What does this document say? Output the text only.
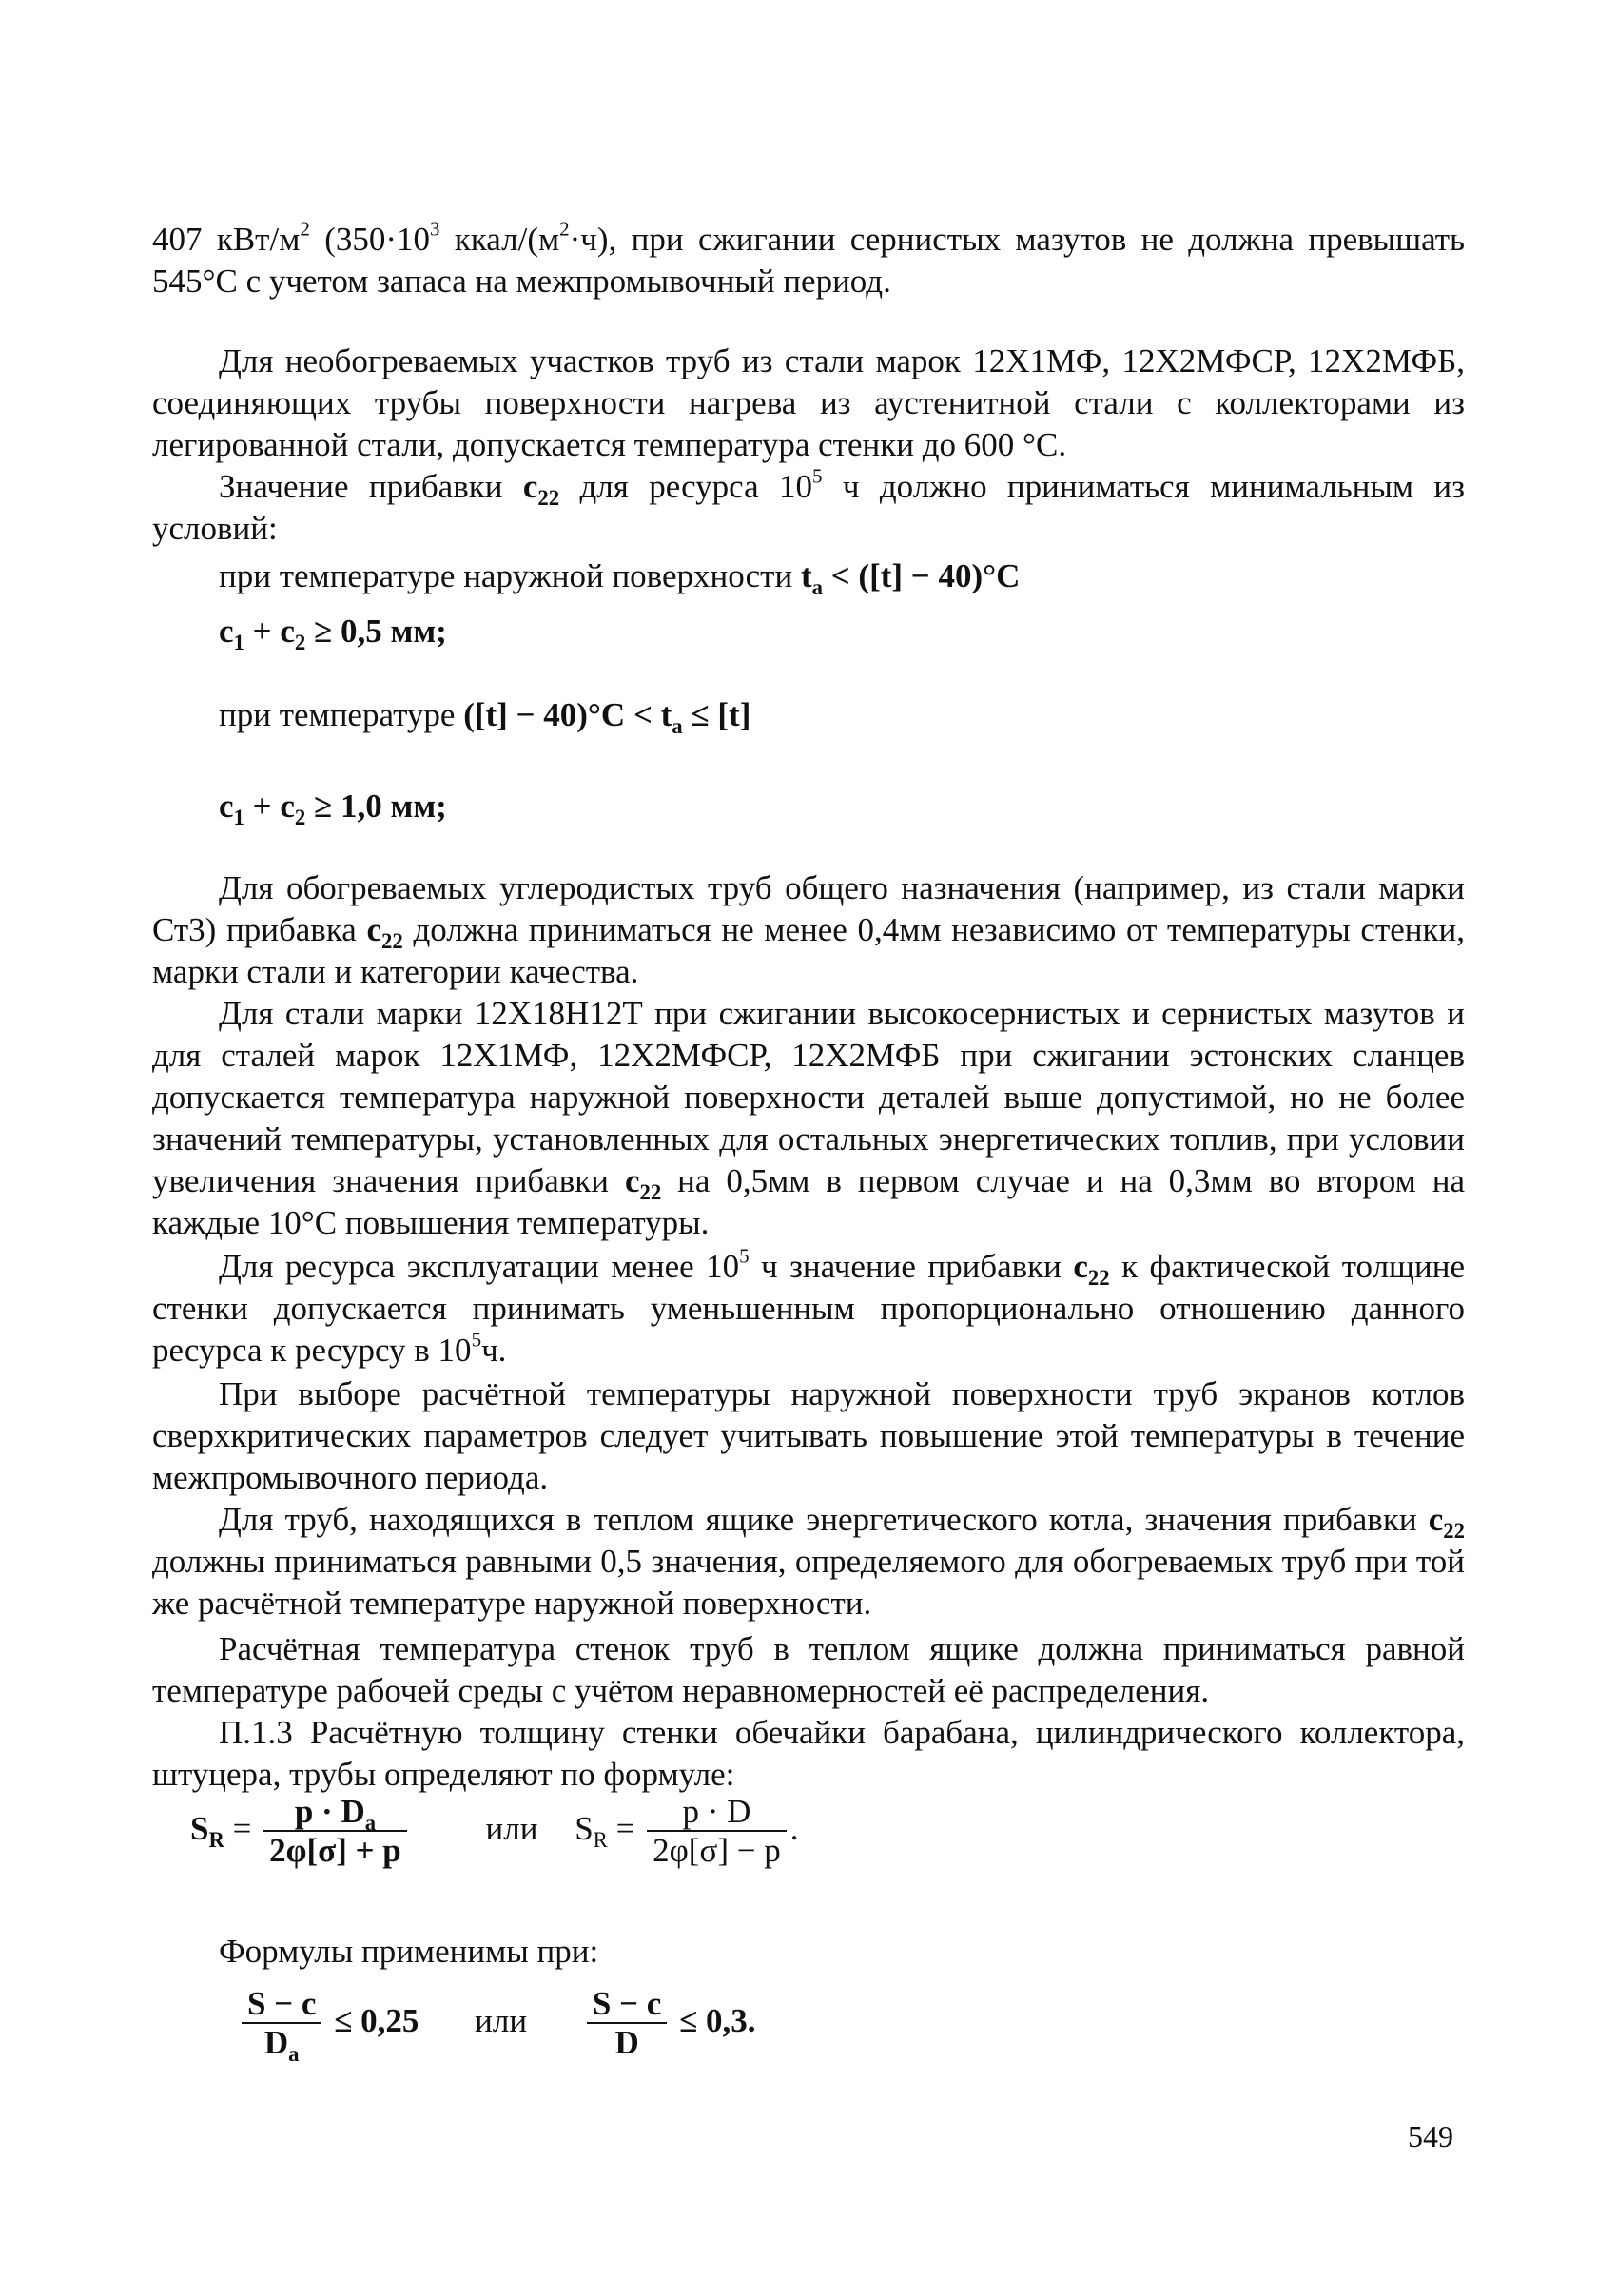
407 кВт/$м^2$ ($350\cdot 10^3$ ккал/$(м^2\cdot ч)$, при сжигании сернистых мазутов не должна превышать 545°С с учетом запаса на межпромывочный период.

Для необогреваемых участков труб из стали марок 12Х1МФ, 12Х2МФСР, 12Х2МФБ, соединяющих трубы поверхности нагрева из аустенитной стали с коллекторами из легированной стали, допускается температура стенки до 600 °С.

Значение прибавки $c_{22}$ для ресурса $10^5$ ч должно приниматься минимальным из условий:

при температуре наружной поверхности $t_a < ([t] - 40)^\circ C$

$c_1 + c_2 \ge 0,5$ мм;

при температуре $([t] - 40)^\circ C < t_a \le [t]$

$c_1 + c_2 \ge 1,0$ мм;

Для обогреваемых углеродистых труб общего назначения (например, из стали марки Ст3) прибавка $c_{22}$ должна приниматься не менее 0,4мм независимо от температуры стенки, марки стали и категории качества.

Для стали марки 12Х18Н12Т при сжигании высокосернистых и сернистых мазутов и для сталей марок 12Х1МФ, 12Х2МФСР, 12Х2МФБ при сжигании эстонских сланцев допускается температура наружной поверхности деталей выше допустимой, но не более значений температуры, установленных для остальных энергетических топлив, при условии увеличения значения прибавки $c_{22}$ на 0,5мм в первом случае и на 0,3мм во втором на каждые 10°С повышения температуры.

Для ресурса эксплуатации менее $10^5$ ч значение прибавки $c_{22}$ к фактической толщине стенки допускается принимать уменьшенным пропорционально отношению данного ресурса к ресурсу в $10^5ч$.

При выборе расчётной температуры наружной поверхности труб экранов котлов сверхкритических параметров следует учитывать повышение этой температуры в течение межпромывочного периода.

Для труб, находящихся в теплом ящике энергетического котла, значения прибавки $c_{22}$ должны приниматься равными 0,5 значения, определяемого для обогреваемых труб при той же расчётной температуре наружной поверхности.

Расчётная температура стенок труб в теплом ящике должна приниматься равной температуре рабочей среды с учётом неравномерностей её распределения.

П.1.3 Расчётную толщину стенки обечайки барабана, цилиндрического коллектора, штуцера, трубы определяют по формуле:

$S_R = \frac{p \cdot D_a}{2\varphi[\sigma] + p}$ или $S_R = \frac{p \cdot D}{2\varphi[\sigma] - p}$ .

Формулы применимы при:

$\frac{S - c}{D_a} \le 0,25$ или $\frac{S - c}{D} \le 0,3$.
549
